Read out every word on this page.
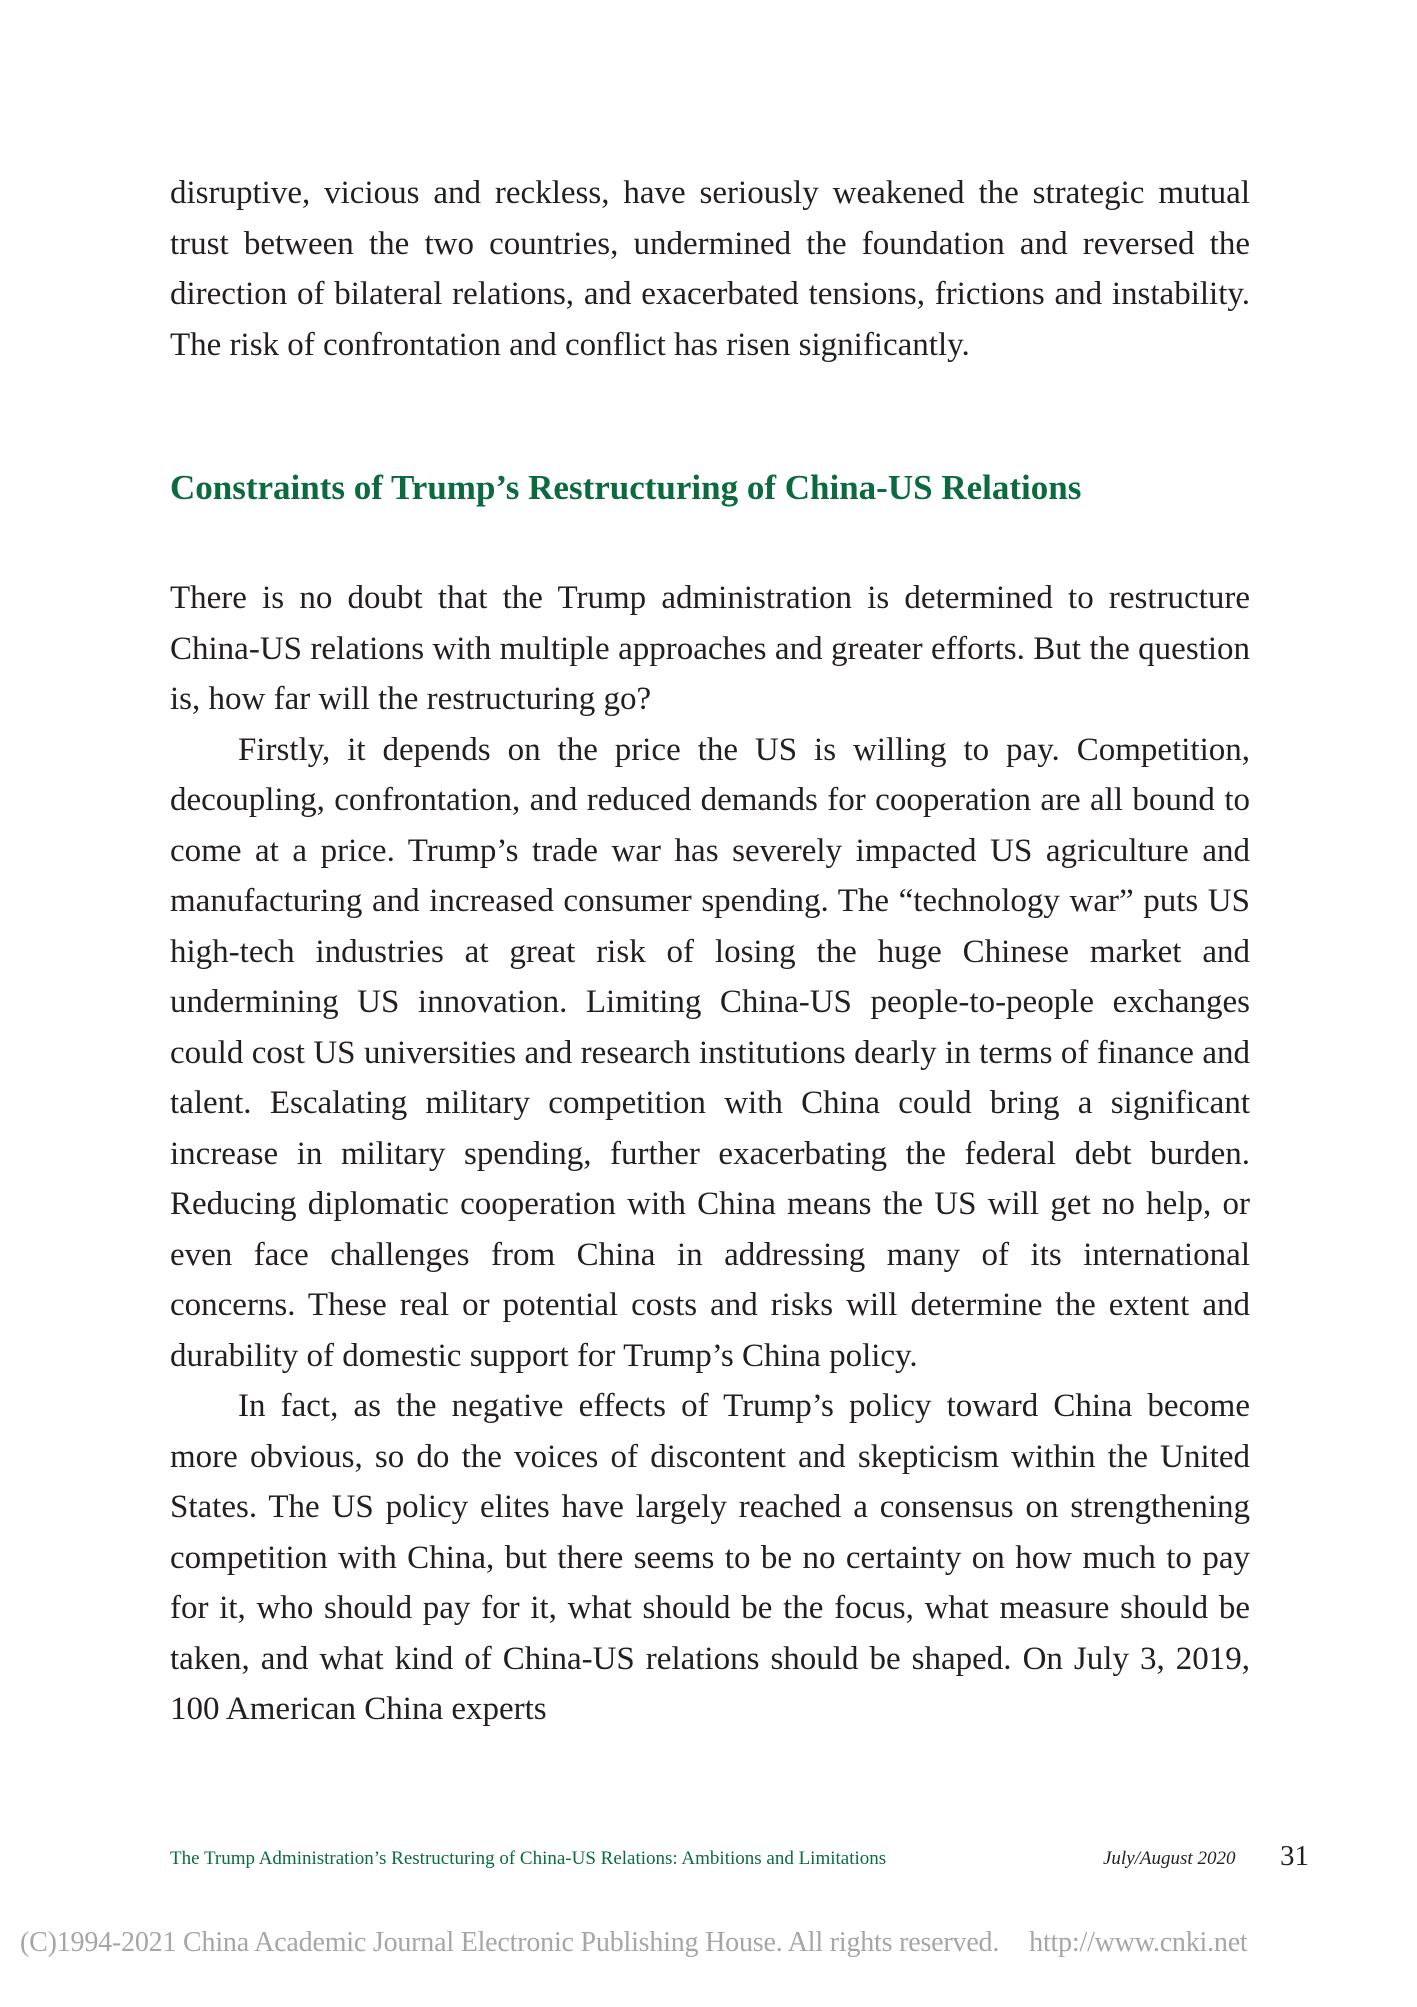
disruptive, vicious and reckless, have seriously weakened the strategic mutual trust between the two countries, undermined the foundation and reversed the direction of bilateral relations, and exacerbated tensions, frictions and instability. The risk of confrontation and conflict has risen significantly.

Constraints of Trump’s Restructuring of China-US Relations

There is no doubt that the Trump administration is determined to restructure China-US relations with multiple approaches and greater efforts. But the question is, how far will the restructuring go?

Firstly, it depends on the price the US is willing to pay. Competition, decoupling, confrontation, and reduced demands for cooperation are all bound to come at a price. Trump’s trade war has severely impacted US agriculture and manufacturing and increased consumer spending. The “technology war” puts US high-tech industries at great risk of losing the huge Chinese market and undermining US innovation. Limiting China-US people-to-people exchanges could cost US universities and research institutions dearly in terms of finance and talent. Escalating military competition with China could bring a significant increase in military spending, further exacerbating the federal debt burden. Reducing diplomatic cooperation with China means the US will get no help, or even face challenges from China in addressing many of its international concerns. These real or potential costs and risks will determine the extent and durability of domestic support for Trump’s China policy.

In fact, as the negative effects of Trump’s policy toward China become more obvious, so do the voices of discontent and skepticism within the United States. The US policy elites have largely reached a consensus on strengthening competition with China, but there seems to be no certainty on how much to pay for it, who should pay for it, what should be the focus, what measure should be taken, and what kind of China-US relations should be shaped. On July 3, 2019, 100 American China experts

The Trump Administration’s Restructuring of China-US Relations: Ambitions and Limitations	July/August 2020 31
(C)1994-2021 China Academic Journal Electronic Publishing House. All rights reserved. http://www.cnki.net
